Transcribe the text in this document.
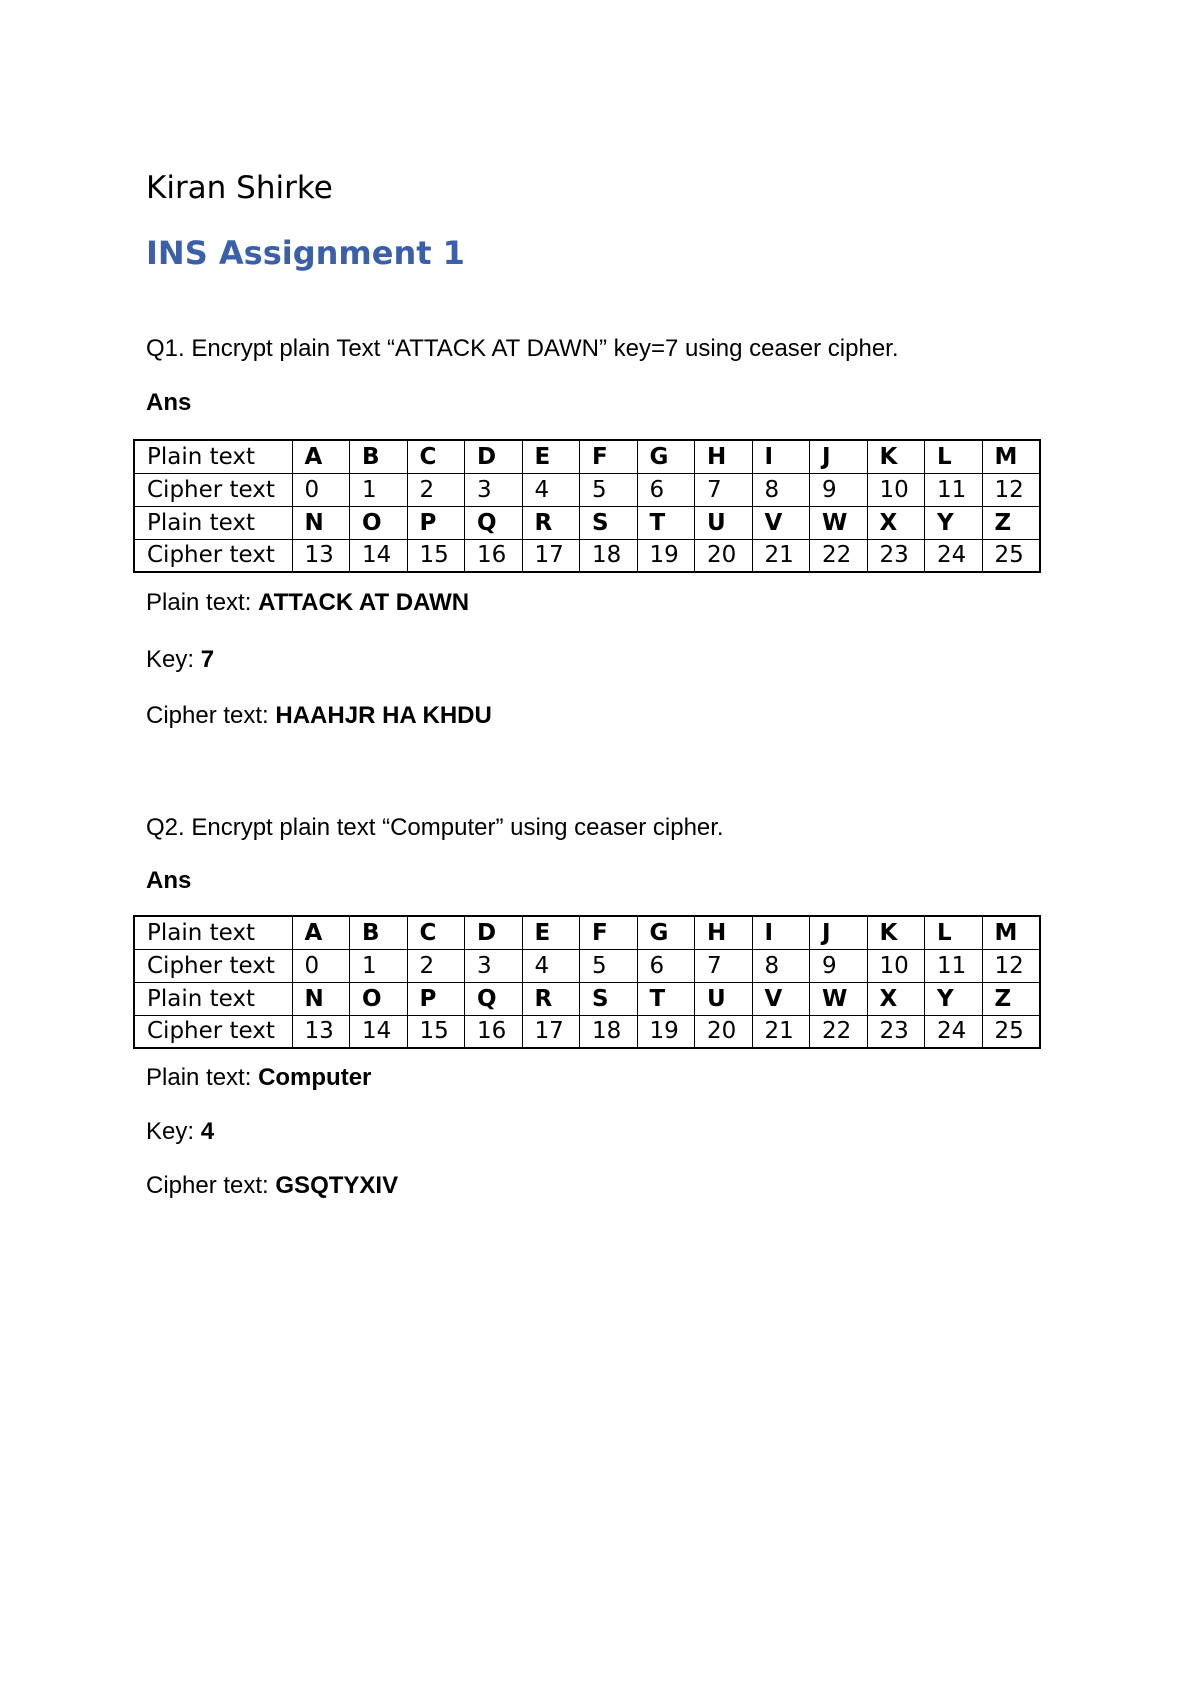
Kiran Shirke
INS Assignment 1
Q1. Encrypt plain Text “ATTACK AT DAWN” key=7 using ceaser cipher.
Ans
Plain text	A	B	C	D	E	F	G	H	I	J	K	L	M
Cipher text	0	1	2	3	4	5	6	7	8	9	10	11	12
Plain text	N	O	P	Q	R	S	T	U	V	W	X	Y	Z
Cipher text	13	14	15	16	17	18	19	20	21	22	23	24	25
Plain text: ATTACK AT DAWN
Key: 7
Cipher text: HAAHJR HA KHDU
Q2. Encrypt plain text “Computer” using ceaser cipher.
Ans
Plain text	A	B	C	D	E	F	G	H	I	J	K	L	M
Cipher text	0	1	2	3	4	5	6	7	8	9	10	11	12
Plain text	N	O	P	Q	R	S	T	U	V	W	X	Y	Z
Cipher text	13	14	15	16	17	18	19	20	21	22	23	24	25
Plain text: Computer
Key: 4
Cipher text: GSQTYXIV
